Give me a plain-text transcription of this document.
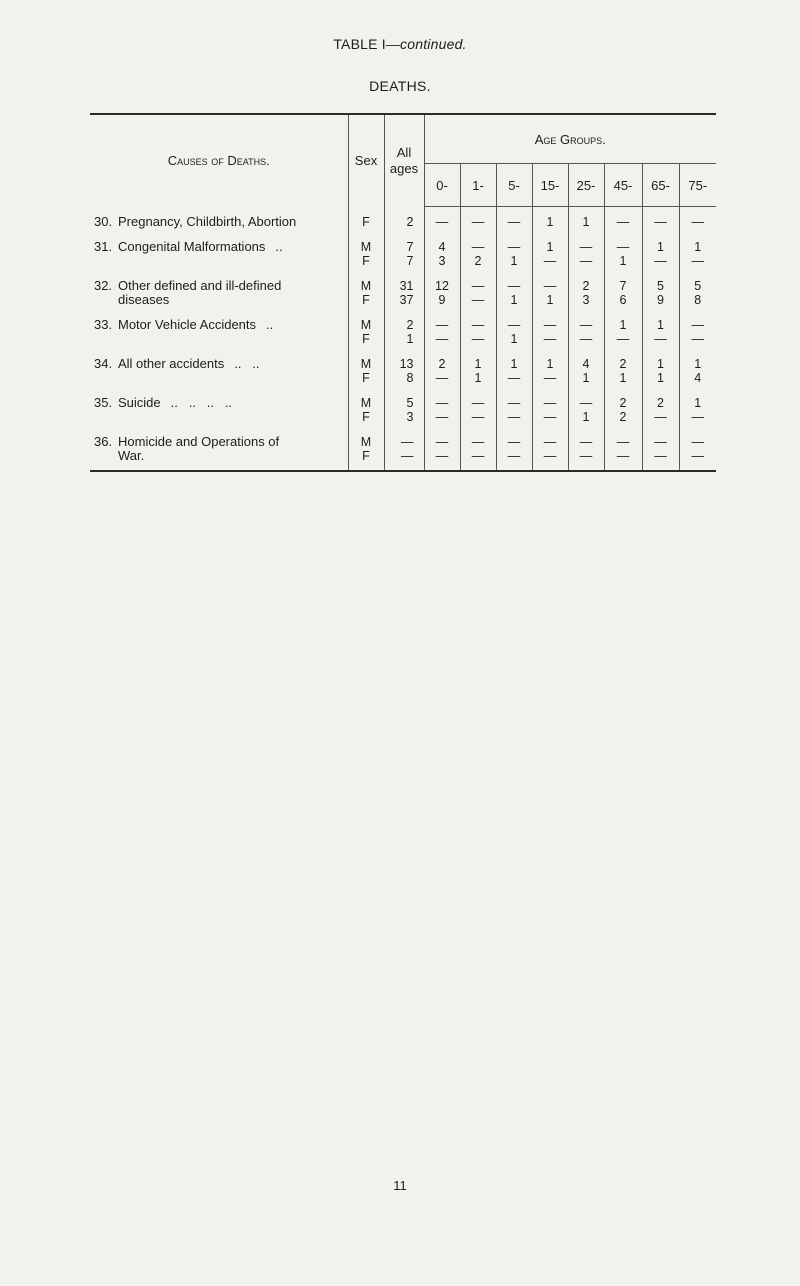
TABLE I—continued.
DEATHS.
Causes of Deaths.	Sex	All ages	Age Groups.							
			0-	1-	5-	15-	25-	45-	65-	75-
30. Pregnancy, Childbirth, Abortion	F	2	—	—	—	1	1	—	—	—

31. Congenital Malformations ..	M	7	4	—	—	1	—	—	1	1
	F	7	3	2	1	—	—	1	—	—

32. Other defined and ill-defined	M	31	12	—	—	—	2	7	5	5
diseases	F	37	9	—	1	1	3	6	9	8

33. Motor Vehicle Accidents ..	M	2	—	—	—	—	—	1	1	—
	F	1	—	—	1	—	—	—	—	—

34. All other accidents ..   ..	M	13	2	1	1	1	4	2	1	1
	F	8	—	1	—	—	1	1	1	4

35. Suicide ..   ..   ..   ..	M	5	—	—	—	—	—	2	2	1
	F	3	—	—	—	—	1	2	—	—

36. Homicide and Operations of	M	—	—	—	—	—	—	—	—	—
War.	F	—	—	—	—	—	—	—	—	—
11
